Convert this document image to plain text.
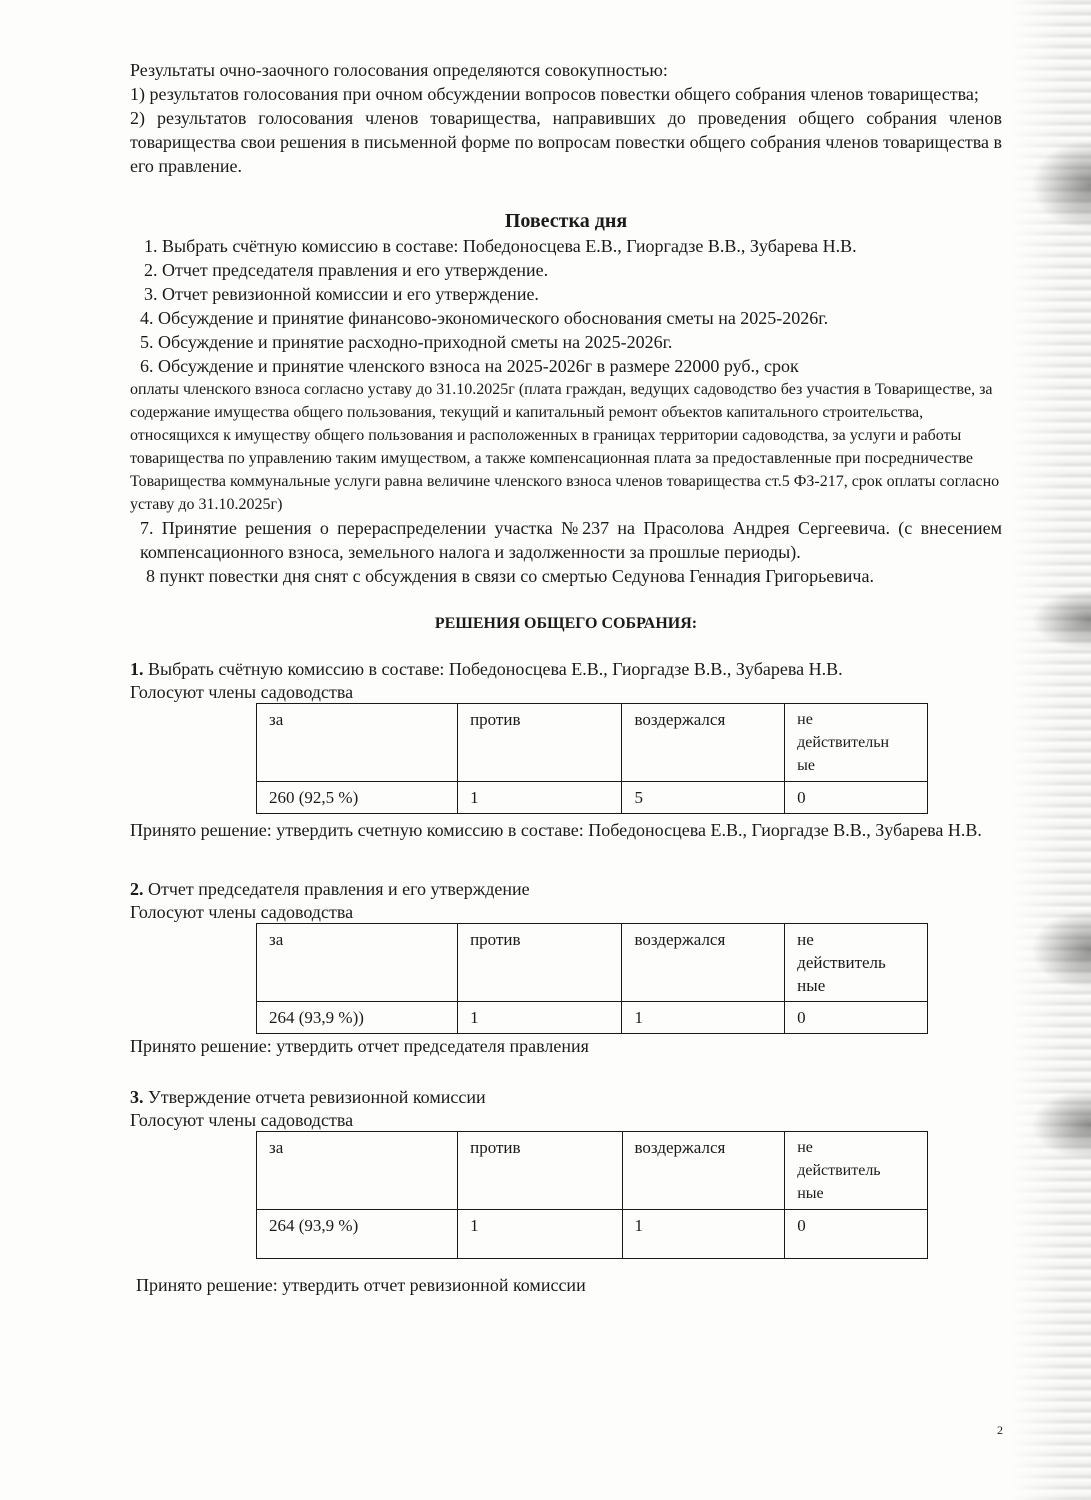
Результаты очно-заочного голосования определяются совокупностью:

1) результатов голосования при очном обсуждении вопросов повестки общего собрания членов товарищества;

2) результатов голосования членов товарищества, направивших до проведения общего собрания членов товарищества свои решения в письменной форме по вопросам повестки общего собрания членов товарищества в его правление.

Повестка дня
1. Выбрать счётную комиссию в составе: Победоносцева Е.В., Гиоргадзе В.В., Зубарева Н.В.
2. Отчет председателя правления и его утверждение.
3. Отчет ревизионной комиссии и его утверждение.
4. Обсуждение и принятие финансово-экономического обоснования сметы на 2025-2026г.
5. Обсуждение и принятие расходно-приходной сметы на 2025-2026г.
6. Обсуждение и принятие членского взноса на 2025-2026г в размере 22000 руб., срок
оплаты членского взноса согласно уставу до 31.10.2025г (плата граждан, ведущих садоводство без участия в Товариществе, за содержание имущества общего пользования, текущий и капитальный ремонт объектов капитального строительства, относящихся к имуществу общего пользования и расположенных в границах территории садоводства, за услуги и работы товарищества по управлению таким имуществом, а также компенсационная плата за предоставленные при посредничестве Товарищества коммунальные услуги равна величине членского взноса членов товарищества ст.5 ФЗ-217, срок оплаты согласно уставу до 31.10.2025г)
7. Принятие решения о перераспределении участка №237 на Прасолова Андрея Сергеевича. (с внесением компенсационного взноса, земельного налога и задолженности за прошлые периоды).
8 пункт повестки дня снят с обсуждения в связи со смертью Седунова Геннадия Григорьевича.
РЕШЕНИЯ ОБЩЕГО СОБРАНИЯ:
1. Выбрать счётную комиссию в составе: Победоносцева Е.В., Гиоргадзе В.В., Зубарева Н.В.

Голосуют члены садоводства

за	против	воздержался	не
действительн
ые
260 (92,5 %)	1	5	0

Принято решение: утвердить счетную комиссию в составе: Победоносцева Е.В., Гиоргадзе В.В., Зубарева Н.В.

2. Отчет председателя правления и его утверждение

Голосуют члены садоводства

за	против	воздержался	не
действитель
ные
264 (93,9 %))	1	1	0

Принято решение: утвердить отчет председателя правления

3. Утверждение отчета ревизионной комиссии

Голосуют члены садоводства

за	против	воздержался	не
действитель
ные
264 (93,9 %)	1	1	0

Принято решение: утвердить отчет ревизионной комиссии

2
